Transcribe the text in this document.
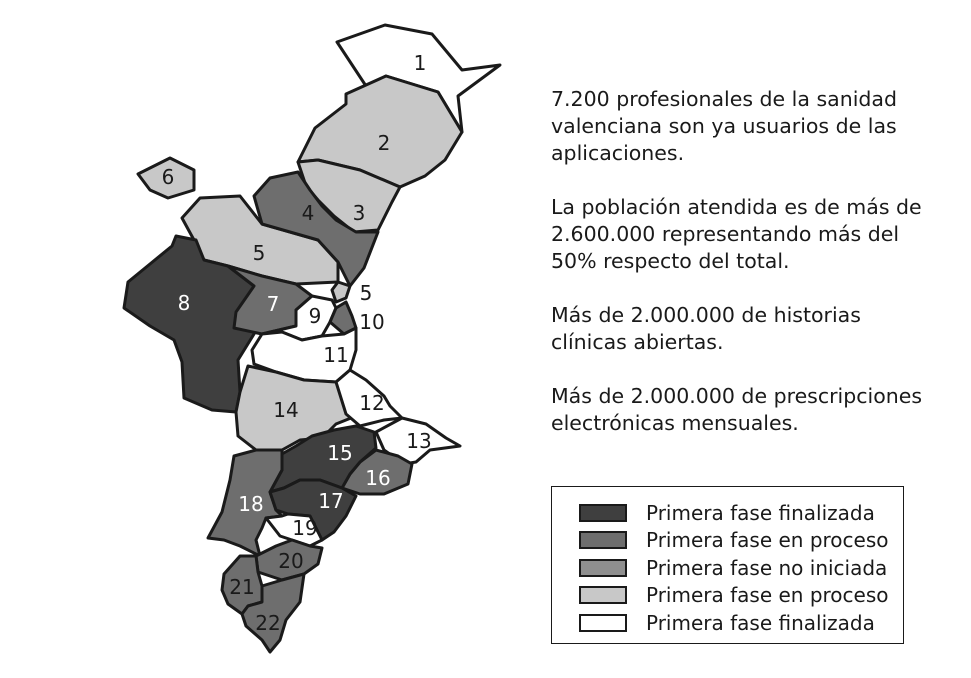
1
2
3
4
5
5
6
7
8
9 10
11
12
13
14
15
16
17
18
19
20
21
22

7.200 profesionales de la sanidad valenciana son ya usuarios de las aplicaciones.

La población atendida es de más de 2.600.000 representando más del 50% respecto del total.

Más de 2.000.000 de historias clínicas abiertas.

Más de 2.000.000 de prescripciones electrónicas mensuales.

Primera fase finalizada
Primera fase en proceso
Primera fase no iniciada
Primera fase en proceso
Primera fase finalizada
